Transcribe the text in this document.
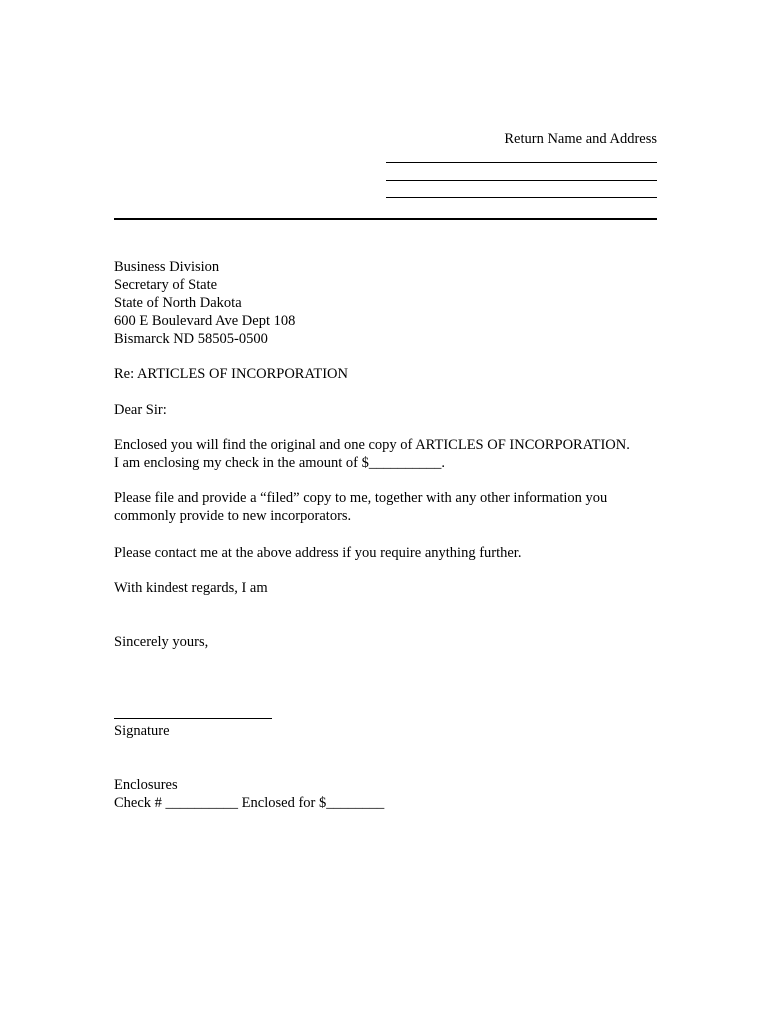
Return Name and Address
Business Division
Secretary of State
State of North Dakota
600 E Boulevard Ave Dept 108
Bismarck ND 58505-0500
Re: ARTICLES OF INCORPORATION
Dear Sir:
Enclosed you will find the original and one copy of ARTICLES OF INCORPORATION.
I am enclosing my check in the amount of $__________.
Please file and provide a “filed” copy to me, together with any other information you
commonly provide to new incorporators.
Please contact me at the above address if you require anything further.
With kindest regards, I am
Sincerely yours,
Signature
Enclosures
Check # __________ Enclosed for $________
